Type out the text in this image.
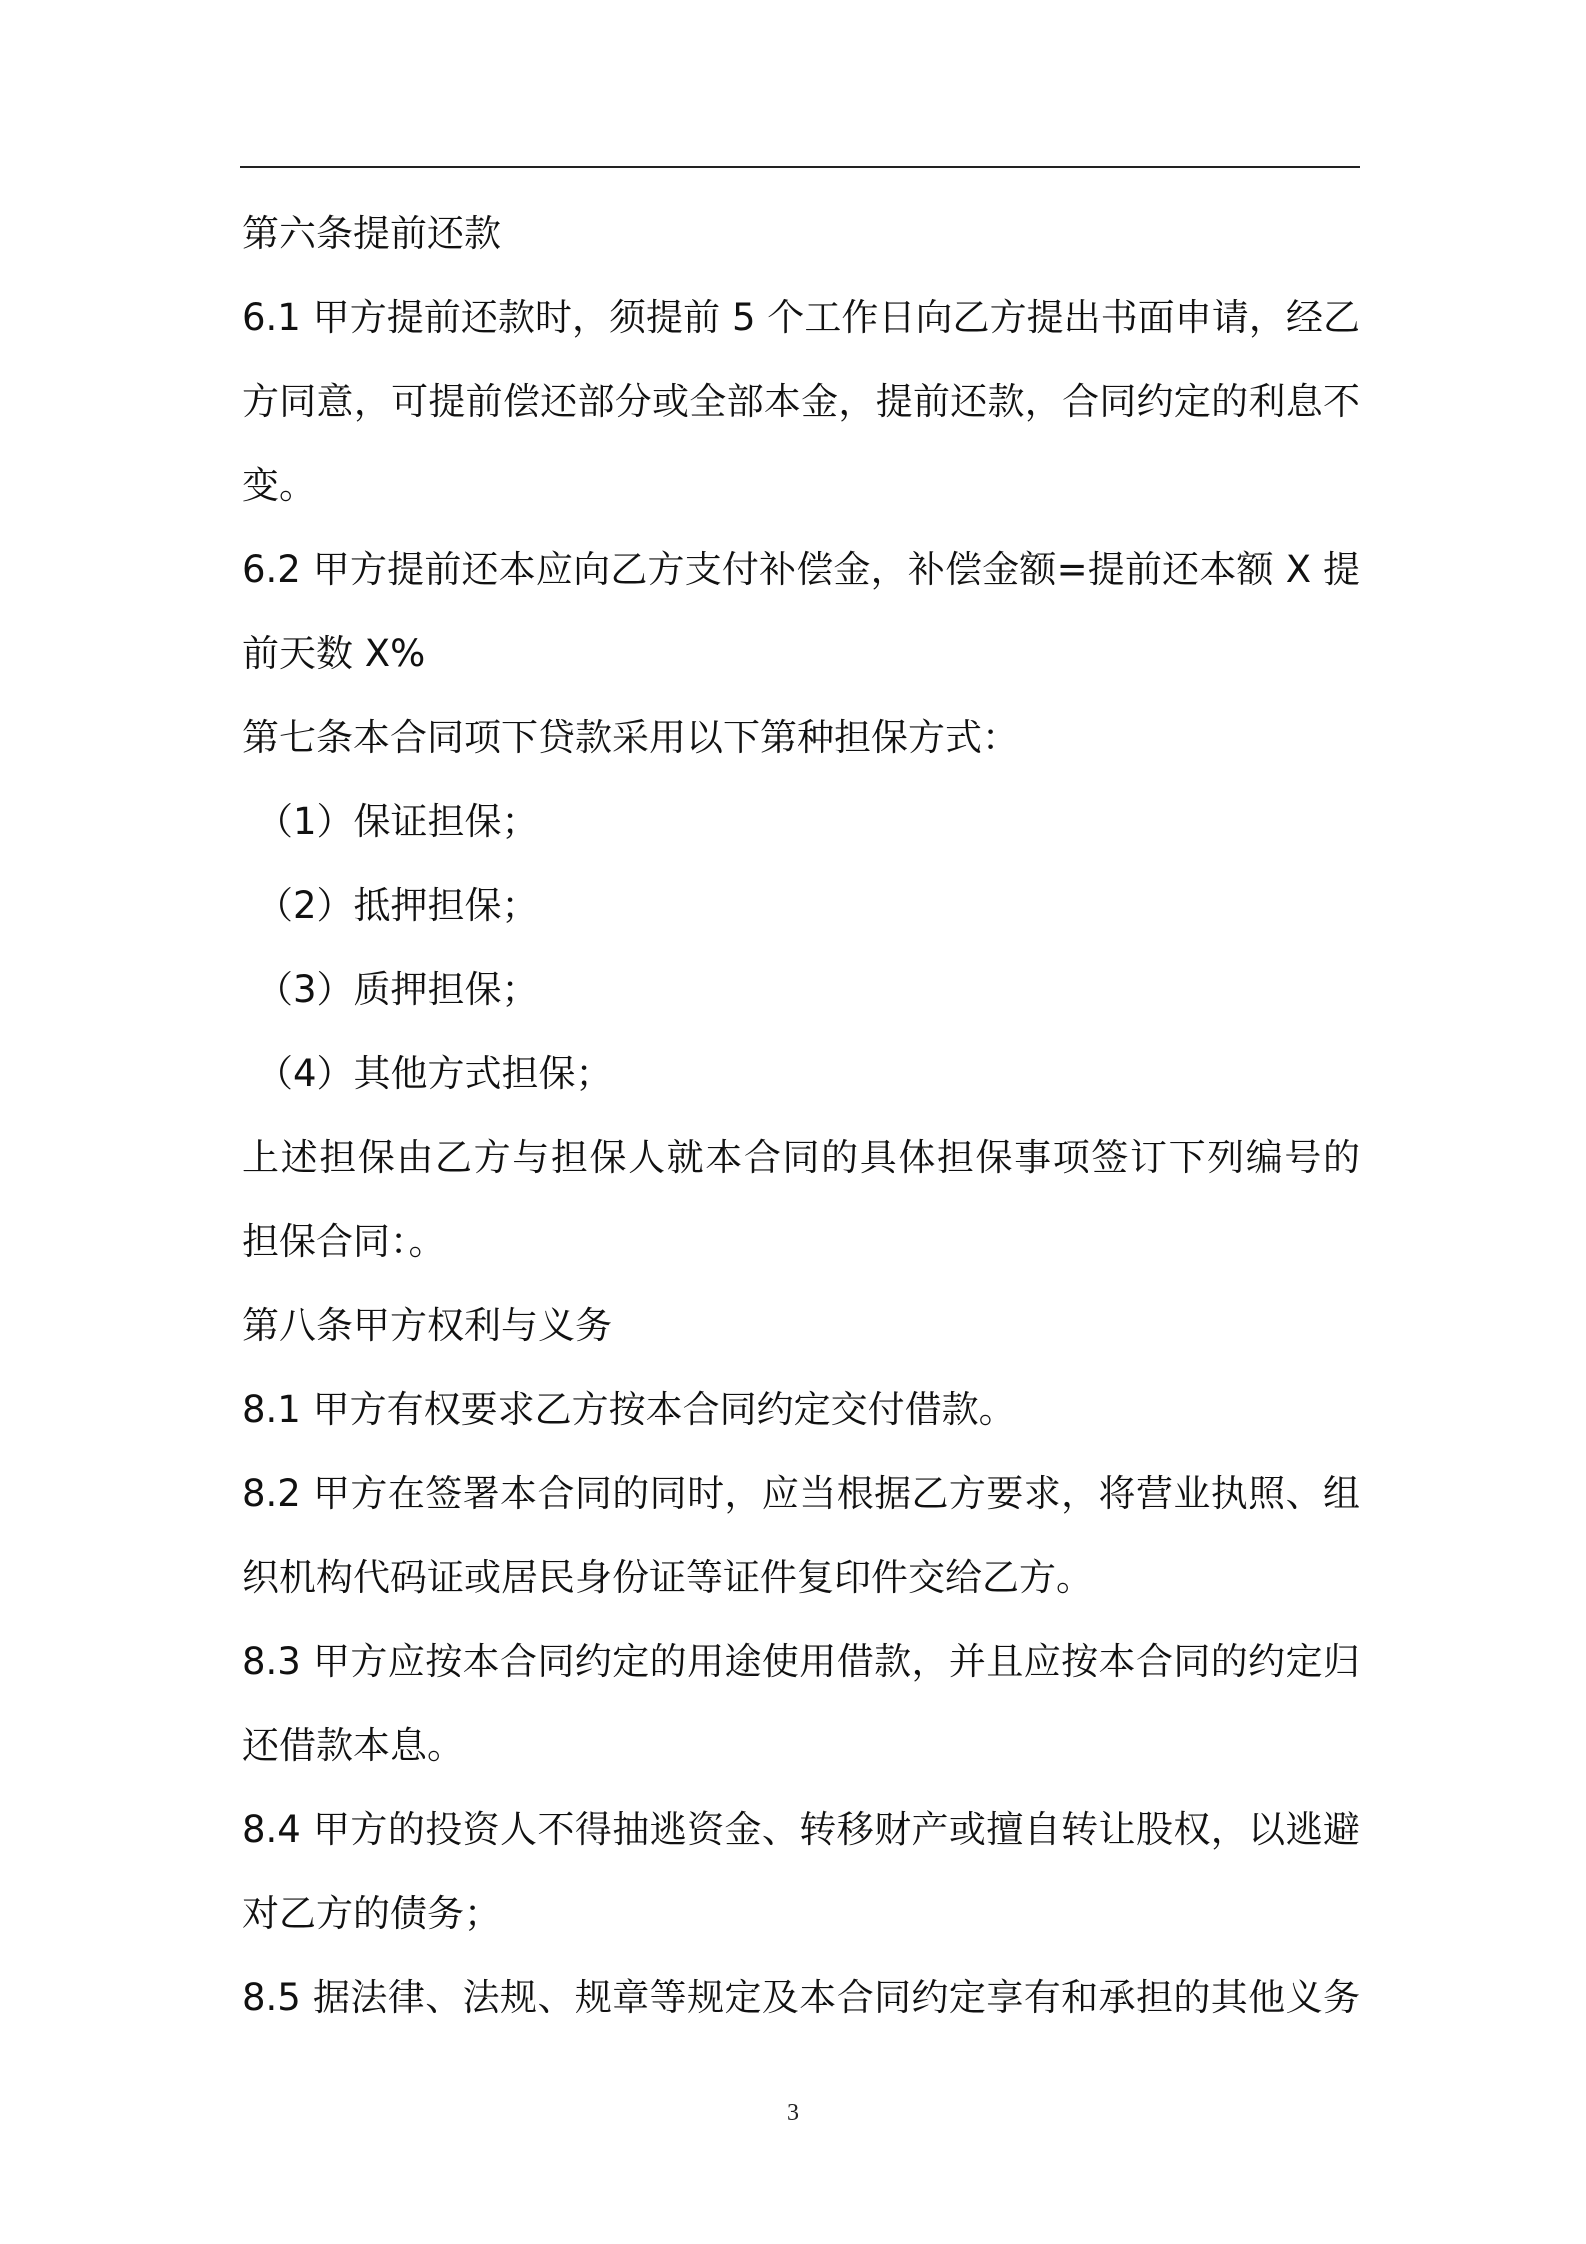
第六条提前还款
6.1 甲方提前还款时，须提前 5 个工作日向乙方提出书面申请，经乙
方同意，可提前偿还部分或全部本金，提前还款，合同约定的利息不
变。
6.2 甲方提前还本应向乙方支付补偿金，补偿金额=提前还本额 X 提
前天数 X%
第七条本合同项下贷款采用以下第种担保方式：
（1）保证担保；
（2）抵押担保；
（3）质押担保；
（4）其他方式担保；
上述担保由乙方与担保人就本合同的具体担保事项签订下列编号的
担保合同：。
第八条甲方权利与义务
8.1 甲方有权要求乙方按本合同约定交付借款。
8.2 甲方在签署本合同的同时，应当根据乙方要求，将营业执照、组
织机构代码证或居民身份证等证件复印件交给乙方。
8.3 甲方应按本合同约定的用途使用借款，并且应按本合同的约定归
还借款本息。
8.4 甲方的投资人不得抽逃资金、转移财产或擅自转让股权，以逃避
对乙方的债务；
8.5 据法律、法规、规章等规定及本合同约定享有和承担的其他义务
3
